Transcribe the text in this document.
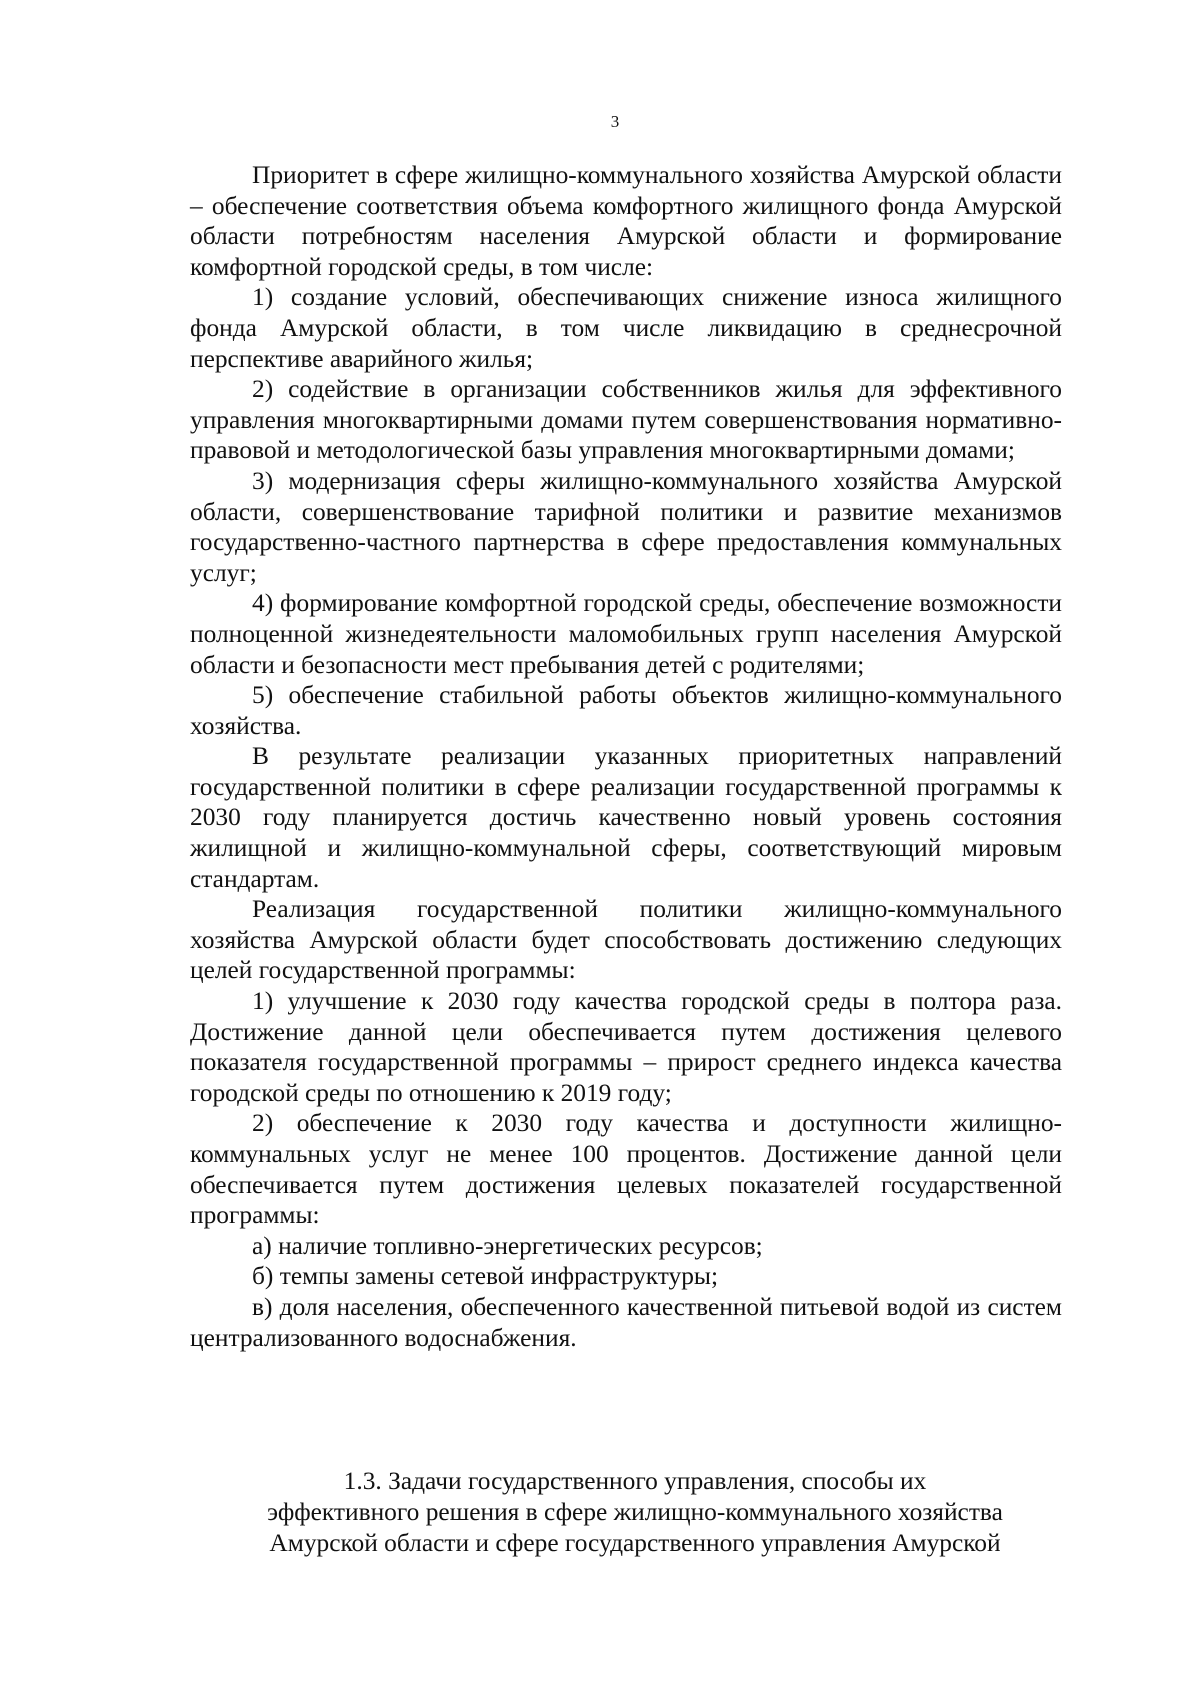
3

Приоритет в сфере жилищно-коммунального хозяйства Амурской области – обеспечение соответствия объема комфортного жилищного фонда Амурской области потребностям населения Амурской области и формирование комфортной городской среды, в том числе:

1) создание условий, обеспечивающих снижение износа жилищного фонда Амурской области, в том числе ликвидацию в среднесрочной перспективе аварийного жилья;

2) содействие в организации собственников жилья для эффективного управления многоквартирными домами путем совершенствования нормативно-правовой и методологической базы управления многоквартирными домами;

3) модернизация сферы жилищно-коммунального хозяйства Амурской области, совершенствование тарифной политики и развитие механизмов государственно-частного партнерства в сфере предоставления коммунальных услуг;

4) формирование комфортной городской среды, обеспечение возможности полноценной жизнедеятельности маломобильных групп населения Амурской области и безопасности мест пребывания детей с родителями;

5) обеспечение стабильной работы объектов жилищно-коммунального хозяйства.

В результате реализации указанных приоритетных направлений государственной политики в сфере реализации государственной программы к 2030 году планируется достичь качественно новый уровень состояния жилищной и жилищно-коммунальной сферы, соответствующий мировым стандартам.

Реализация государственной политики жилищно-коммунального хозяйства Амурской области будет способствовать достижению следующих целей государственной программы:

1) улучшение к 2030 году качества городской среды в полтора раза. Достижение данной цели обеспечивается путем достижения целевого показателя государственной программы – прирост среднего индекса качества городской среды по отношению к 2019 году;

2) обеспечение к 2030 году качества и доступности жилищно-коммунальных услуг не менее 100 процентов. Достижение данной цели обеспечивается путем достижения целевых показателей государственной программы:

а) наличие топливно-энергетических ресурсов;

б) темпы замены сетевой инфраструктуры;

в) доля населения, обеспеченного качественной питьевой водой из систем централизованного водоснабжения.

1.3. Задачи государственного управления, способы их

эффективного решения в сфере жилищно-коммунального хозяйства

Амурской области и сфере государственного управления Амурской
